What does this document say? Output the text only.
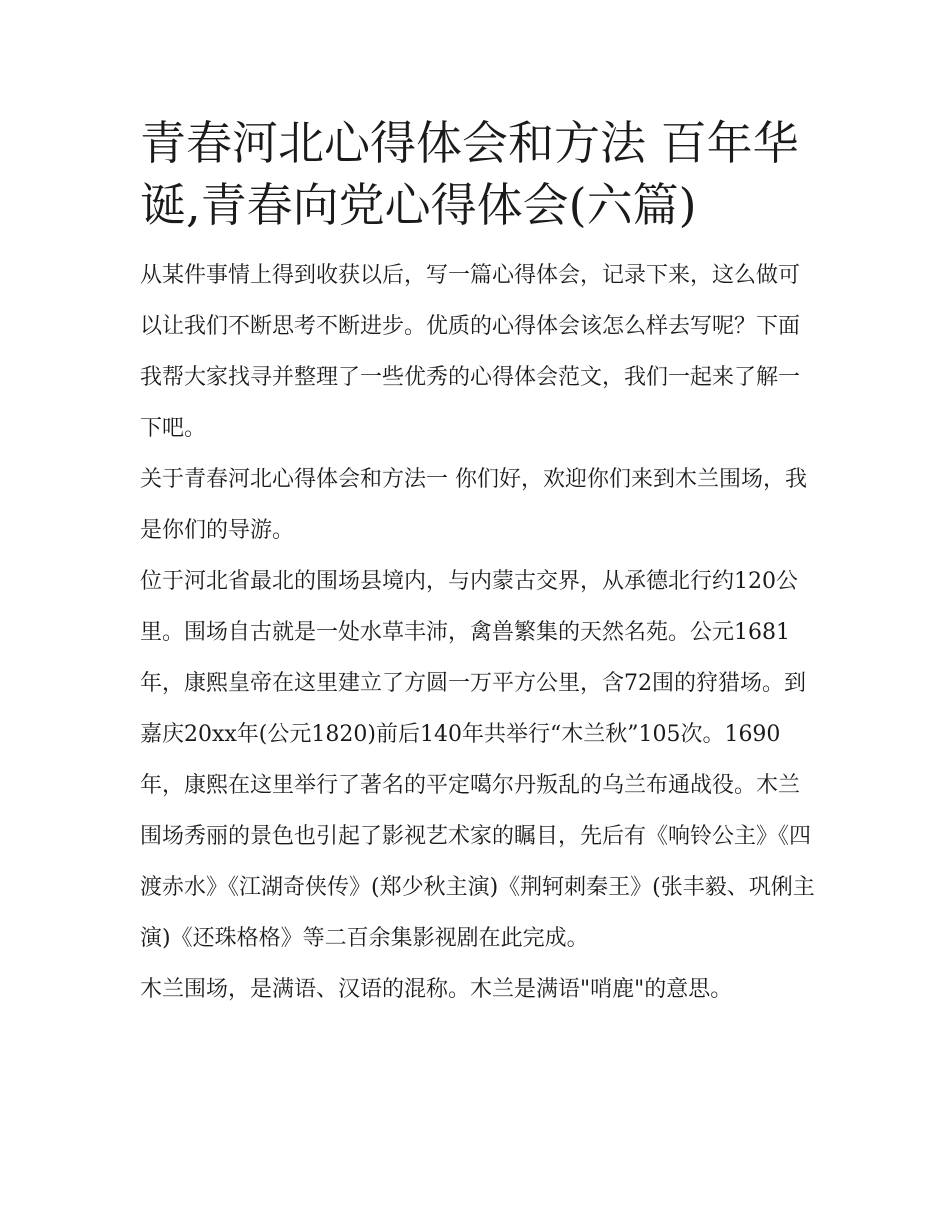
青春河北心得体会和方法 百年华诞,青春向党心得体会(六篇)

从某件事情上得到收获以后，写一篇心得体会，记录下来，这么做可以让我们不断思考不断进步。优质的心得体会该怎么样去写呢？下面我帮大家找寻并整理了一些优秀的心得体会范文，我们一起来了解一下吧。

关于青春河北心得体会和方法一 你们好，欢迎你们来到木兰围场，我是你们的导游。

位于河北省最北的围场县境内，与内蒙古交界，从承德北行约120公里。围场自古就是一处水草丰沛，禽兽繁集的天然名苑。公元1681年，康熙皇帝在这里建立了方圆一万平方公里，含72围的狩猎场。到嘉庆20xx年(公元1820)前后140年共举行“木兰秋”105次。1690年，康熙在这里举行了著名的平定噶尔丹叛乱的乌兰布通战役。木兰围场秀丽的景色也引起了影视艺术家的瞩目，先后有《响铃公主》《四渡赤水》《江湖奇侠传》(郑少秋主演)《荆轲刺秦王》(张丰毅、巩俐主演)《还珠格格》等二百余集影视剧在此完成。

木兰围场，是满语、汉语的混称。木兰是满语"哨鹿"的意思。
